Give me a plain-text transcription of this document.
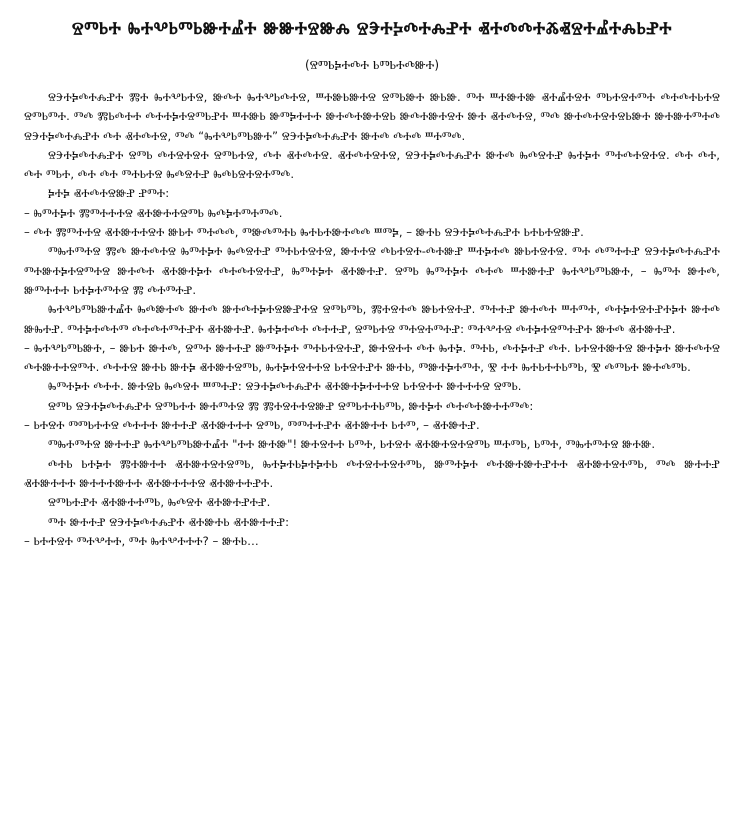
ⰔⰕⰓⰀ ⰈⰀⰂⰓⰕⰓⰖⰀⰌⰀ ⰖⰖⰀⰔⰖⰎ ⰔⰅⰀⰍⰄⰀⰎⰐⰀ ⰟⰀⰄⰄⰀⰆⰟⰔⰀⰌⰀⰎⰓⰐⰀ
(ⰔⰕⰓⰍⰀⰄⰀ ⰓⰕⰓⰀⰄⰖⰀ)

ⰔⰅⰀⰍⰄⰀⰎⰐⰀ ⰏⰀ ⰈⰀⰂⰓⰀⰔ, ⰖⰄⰀ ⰈⰀⰂⰓⰄⰀⰔ, ⰞⰀⰖⰓⰖⰀⰔ ⰔⰕⰓⰖⰀ ⰖⰓⰖ. ⰕⰀ ⰞⰀⰖⰀⰖ ⰟⰀⰌⰀⰔⰀ ⰕⰓⰀⰔⰀⰕⰀ ⰄⰀⰄⰀⰓⰀⰔ ⰔⰕⰓⰕⰀ. ⰕⰄ ⰏⰓⰄⰀⰀ ⰄⰀⰀⰍⰀⰔⰕⰓⰐⰀ ⰞⰀⰖⰓ ⰖⰕⰍⰀⰀⰀ ⰖⰀⰄⰀⰖⰀⰔⰓ ⰖⰄⰀⰖⰀⰔⰀ ⰖⰀ ⰟⰀⰄⰀⰔ, ⰕⰄ ⰖⰀⰄⰀⰔⰀⰔⰓⰖⰀ ⰖⰀⰖⰀⰕⰀⰄ ⰔⰅⰀⰍⰄⰀⰎⰐⰀ ⰄⰀ ⰟⰀⰄⰀⰔ, ⰕⰄ “ⰈⰀⰂⰓⰕⰓⰖⰀ” ⰔⰅⰀⰍⰄⰀⰎⰐⰀ ⰖⰀⰄ ⰄⰀⰄ ⰞⰀⰕⰄ.

ⰔⰅⰀⰍⰄⰀⰎⰐⰀ ⰔⰕⰓ ⰄⰀⰔⰀⰔⰀ ⰔⰕⰓⰀⰔ, ⰄⰀ ⰟⰀⰄⰀⰔ. ⰟⰀⰄⰀⰔⰀⰔ, ⰔⰅⰀⰍⰄⰀⰎⰐⰀ ⰖⰀⰄ ⰈⰄⰔⰀⰐ ⰈⰀⰍⰀ ⰕⰀⰄⰀⰔⰀⰔ. ⰄⰀ ⰄⰀ, ⰄⰀ ⰕⰓⰀ, ⰄⰀ ⰄⰀ ⰕⰀⰓⰀⰔ ⰈⰄⰔⰀⰐ ⰈⰄⰓⰔⰀⰔⰀⰕⰄ.

ⰍⰀⰍ ⰟⰀⰄⰀⰔⰖⰐ ⰐⰕⰀ:

– ⰈⰕⰀⰍⰀ ⰏⰕⰀⰀⰀⰔ ⰟⰀⰖⰀⰀⰔⰕⰓ ⰈⰄⰍⰀⰕⰀⰕⰄ.

– ⰄⰀ ⰏⰕⰀⰀⰔ ⰟⰀⰖⰀⰀⰔⰀ ⰖⰓⰀ ⰕⰀⰄⰄ, ⰕⰖⰄⰕⰀⰓ ⰈⰀⰓⰀⰖⰀⰄⰄ ⰞⰕⰍ, – ⰖⰀⰓ ⰔⰅⰀⰍⰄⰀⰎⰐⰀ ⰓⰀⰓⰀⰔⰖⰐ.

ⰕⰈⰀⰕⰀⰔ ⰏⰄ ⰖⰀⰄⰀⰔ ⰈⰕⰀⰍⰀ ⰈⰄⰔⰀⰐ ⰕⰀⰓⰀⰔⰀⰔ, ⰖⰀⰀⰔ ⰄⰓⰀⰔⰀ-ⰄⰀⰖⰐ ⰞⰀⰍⰀⰄ ⰖⰓⰀⰔⰀⰔ. ⰕⰀ ⰄⰕⰀⰀⰐ ⰔⰅⰀⰍⰄⰀⰎⰐⰀ ⰕⰀⰖⰀⰍⰀⰔⰕⰀⰔ ⰖⰀⰄⰀ ⰟⰀⰖⰀⰍⰀ ⰄⰀⰄⰀⰔⰀⰐ, ⰈⰕⰀⰍⰀ ⰟⰀⰖⰀⰐ. ⰔⰕⰓ ⰈⰕⰀⰍⰀ ⰄⰀⰄ ⰞⰀⰖⰀⰐ ⰈⰀⰂⰓⰕⰓⰖⰀ, – ⰈⰕⰀ ⰖⰀⰄ, ⰖⰕⰀⰀⰀ ⰓⰀⰍⰀⰕⰀⰔ Ⰿ ⰄⰀⰕⰀⰐ.

ⰈⰀⰂⰓⰕⰓⰖⰀⰌⰀ ⰈⰄⰖⰀⰄ ⰖⰀⰄ ⰖⰀⰄⰀⰍⰀⰔⰖⰐⰀⰔ ⰔⰕⰓⰕⰓ, ⰏⰀⰔⰀⰄ ⰖⰓⰀⰔⰀⰐ. ⰕⰀⰀⰐ ⰖⰀⰄⰀ ⰞⰀⰕⰀ, ⰄⰀⰍⰀⰔⰀⰐⰀⰍⰀ ⰖⰀⰄ ⰖⰈⰀⰐ. ⰕⰀⰍⰀⰄⰀⰕ ⰄⰀⰄⰀⰕⰀⰐⰀ ⰟⰀⰖⰀⰐ. ⰈⰀⰍⰀⰄⰀ ⰄⰀⰀⰐ, ⰔⰕⰓⰀⰔ ⰕⰀⰔⰀⰕⰀⰐ: ⰕⰀⰂⰀⰔ ⰄⰀⰍⰀⰔⰕⰀⰐⰀ ⰖⰀⰄ ⰟⰀⰖⰀⰐ.

– ⰈⰀⰂⰓⰕⰓⰖⰀ, – ⰖⰓⰀ ⰖⰀⰄ, ⰔⰕⰀ ⰖⰀⰀⰐ ⰖⰕⰀⰍⰀ ⰕⰀⰓⰀⰔⰀⰐ, ⰖⰀⰔⰀⰀ ⰄⰀ ⰈⰀⰍ. ⰕⰀⰓ, ⰄⰀⰍⰀⰐ ⰄⰀ. ⰓⰀⰔⰀⰖⰀⰔ ⰖⰀⰍⰀ ⰖⰀⰄⰀⰔ ⰄⰀⰖⰀⰀⰔⰕⰀ. ⰄⰀⰀⰔ ⰖⰀⰓ ⰖⰀⰍ ⰟⰀⰖⰀⰔⰕⰓ, ⰈⰀⰍⰀⰔⰀⰀⰔ ⰓⰀⰔⰀⰐⰀ ⰖⰀⰓ, ⰕⰖⰀⰍⰀⰕⰀ, Ⰺ ⰀⰀ ⰈⰀⰓⰀⰀⰓⰕⰓ, Ⰺ ⰄⰕⰓⰀ ⰖⰀⰄⰕⰓ.

ⰈⰕⰀⰍⰀ ⰄⰀⰀ. ⰖⰀⰔⰓ ⰈⰄⰔⰀ ⰞⰕⰀⰐ: ⰔⰅⰀⰍⰄⰀⰎⰐⰀ ⰟⰀⰖⰀⰍⰀⰀⰀⰔ ⰓⰀⰔⰀⰀ ⰖⰀⰀⰀⰔ ⰔⰕⰓ.

ⰔⰕⰓ ⰔⰅⰀⰍⰄⰀⰎⰐⰀ ⰔⰕⰓⰀⰀ ⰖⰀⰕⰀⰔ Ⰿ ⰏⰀⰔⰀⰀⰔⰖⰐ ⰔⰕⰓⰀⰀⰓⰕⰓ, ⰖⰀⰍⰀ ⰄⰀⰄⰀⰖⰀⰀⰕⰄ:

– ⰓⰀⰔⰀ ⰕⰕⰓⰀⰀⰔ ⰄⰀⰀⰀ ⰖⰀⰀⰐ ⰟⰀⰖⰀⰀⰀ ⰔⰕⰓ, ⰕⰕⰀⰀⰐⰀ ⰟⰀⰖⰀⰀ ⰓⰀⰕ, – ⰟⰀⰖⰀⰐ.

ⰕⰈⰀⰕⰀⰔ ⰖⰀⰀⰐ ⰈⰀⰂⰓⰕⰓⰖⰀⰌⰀ "ⰀⰀ ⰖⰀⰖ"! ⰖⰀⰔⰀⰀ ⰓⰕⰀ, ⰓⰀⰔⰀ ⰟⰀⰖⰀⰔⰀⰔⰕⰓ ⰞⰀⰕⰓ, ⰓⰕⰀ, ⰕⰈⰀⰕⰀⰔ ⰖⰀⰖ.

ⰄⰀⰓ ⰓⰀⰍⰀ ⰏⰀⰖⰀⰀ ⰟⰀⰖⰀⰔⰀⰔⰕⰓ, ⰈⰀⰍⰀⰓⰍⰀⰍⰀⰓ ⰄⰀⰔⰀⰀⰔⰀⰕⰓ, ⰖⰕⰀⰍⰀ ⰄⰀⰖⰀⰖⰀⰐⰀⰀ ⰟⰀⰖⰀⰔⰀⰕⰓ, ⰕⰄ ⰖⰀⰀⰐ ⰟⰀⰖⰀⰀⰀ ⰖⰀⰀⰀⰖⰀⰀ ⰟⰀⰖⰀⰀⰀⰔ ⰟⰀⰖⰀⰀⰐⰀ.

ⰔⰕⰓⰀⰐⰀ ⰟⰀⰖⰀⰀⰕⰓ, ⰈⰄⰔⰀ ⰟⰀⰖⰀⰐⰀⰐ.

ⰕⰀ ⰖⰀⰀⰐ ⰔⰅⰀⰍⰄⰀⰎⰐⰀ ⰟⰀⰖⰀⰓ ⰟⰀⰖⰀⰀⰐ:

– ⰓⰀⰀⰔⰀ ⰕⰀⰂⰀⰀ, ⰕⰀ ⰈⰀⰂⰀⰀⰀ? – ⰖⰀⰓ…
